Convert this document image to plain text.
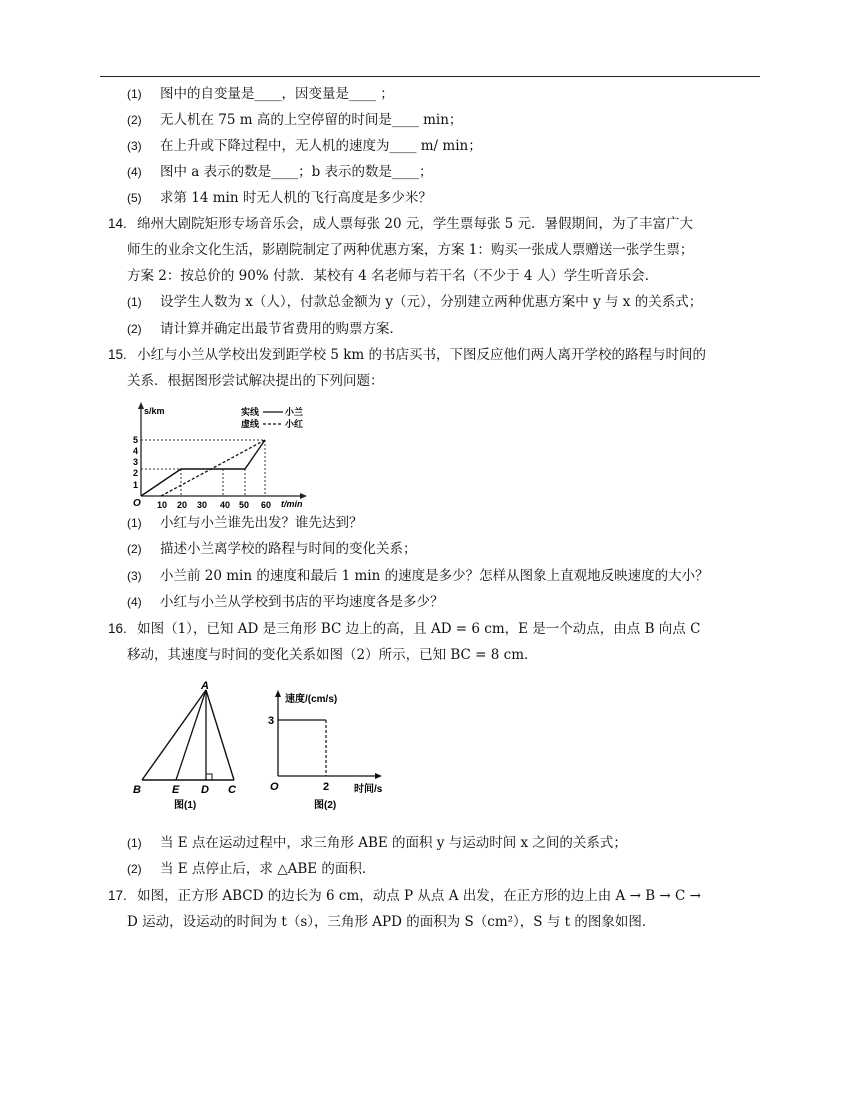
(1) 图中的自变量是____，因变量是____ ；
(2) 无人机在 75 m 高的上空停留的时间是____ min；
(3) 在上升或下降过程中，无人机的速度为____ m/ min；
(4) 图中 a 表示的数是____；b 表示的数是____；
(5) 求第 14 min 时无人机的飞行高度是多少米？
14. 绵州大剧院矩形专场音乐会，成人票每张 20 元，学生票每张 5 元．暑假期间，为了丰富广大
师生的业余文化生活，影剧院制定了两种优惠方案，方案 1：购买一张成人票赠送一张学生票；
方案 2：按总价的 90% 付款．某校有 4 名老师与若干名（不少于 4 人）学生听音乐会．
(1) 设学生人数为 x（人），付款总金额为 y（元），分别建立两种优惠方案中 y 与 x 的关系式；
(2) 请计算并确定出最节省费用的购票方案．
15. 小红与小兰从学校出发到距学校 5 km 的书店买书，下图反应他们两人离开学校的路程与时间的
关系．根据图形尝试解决提出的下列问题：
s/km
t/min
O
1
2
3
4
5
10 20 30 40 50 60
实线	小兰
虚线	小红
(1) 小红与小兰谁先出发？谁先达到？
(2) 描述小兰离学校的路程与时间的变化关系；
(3) 小兰前 20 min 的速度和最后 1 min 的速度是多少？怎样从图象上直观地反映速度的大小？
(4) 小红与小兰从学校到书店的平均速度各是多少？
16. 如图（1），已知 AD 是三角形 BC 边上的高，且 AD = 6 cm，E 是一个动点，由点 B 向点 C
移动，其速度与时间的变化关系如图（2）所示，已知 BC = 8 cm．
A
B	E D C
图(1)
速度/(cm/s)
3
O	2 时间/s
图(2)
(1) 当 E 点在运动过程中，求三角形 ABE 的面积 y 与运动时间 x 之间的关系式；
(2) 当 E 点停止后，求 △ABE 的面积．
17. 如图，正方形 ABCD 的边长为 6 cm，动点 P 从点 A 出发，在正方形的边上由 A → B → C →
D 运动，设运动的时间为 t（s），三角形 APD 的面积为 S（cm²），S 与 t 的图象如图．
